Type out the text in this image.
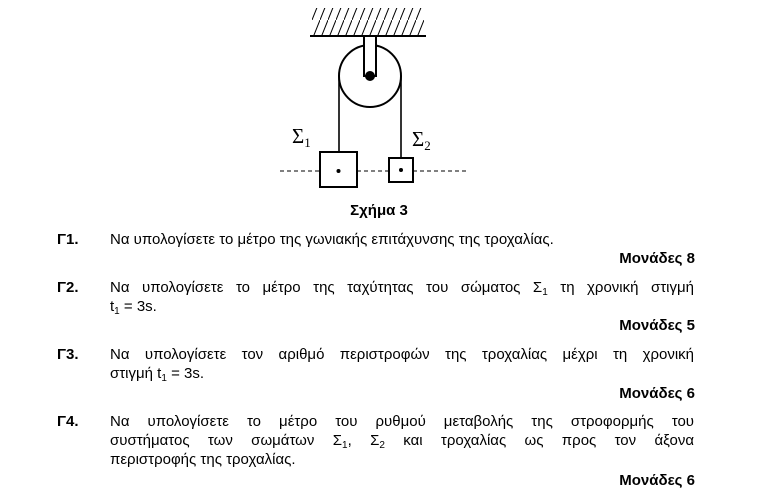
Σ1	Σ2
Σχήμα 3
Γ1. Να υπολογίσετε το μέτρο της γωνιακής επιτάχυνσης της τροχαλίας.
Μονάδες 8
Γ2. Να υπολογίσετε το μέτρο της ταχύτητας του σώματος $\Sigma_1$ τη χρονική στιγμή
$t_1 = 3s$.
Μονάδες 5
Γ3. Να υπολογίσετε τον αριθμό περιστροφών της τροχαλίας μέχρι τη χρονική
στιγμή $t_1 = 3s$.
Μονάδες 6
Γ4. Να υπολογίσετε το μέτρο του ρυθμού μεταβολής της στροφορμής του
συστήματος των σωμάτων $\Sigma_1$, $\Sigma_2$ και τροχαλίας ως προς τον άξονα
περιστροφής της τροχαλίας.
Μονάδες 6
